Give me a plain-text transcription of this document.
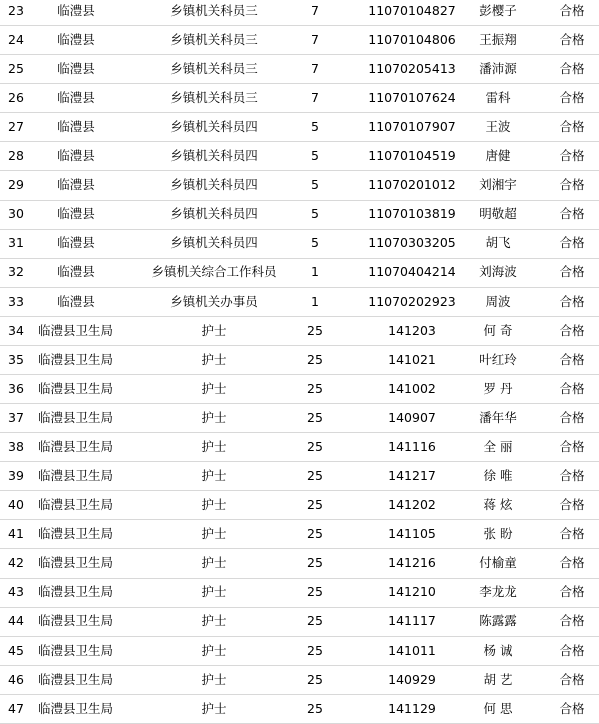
23	临澧县	乡镇机关科员三	7	11070104827	彭樱子	合格
24	临澧县	乡镇机关科员三	7	11070104806	王振翔	合格
25	临澧县	乡镇机关科员三	7	11070205413	潘沛源	合格
26	临澧县	乡镇机关科员三	7	11070107624	雷科	合格
27	临澧县	乡镇机关科员四	5	11070107907	王波	合格
28	临澧县	乡镇机关科员四	5	11070104519	唐健	合格
29	临澧县	乡镇机关科员四	5	11070201012	刘湘宇	合格
30	临澧县	乡镇机关科员四	5	11070103819	明敬超	合格
31	临澧县	乡镇机关科员四	5	11070303205	胡飞	合格
32	临澧县	乡镇机关综合工作科员	1	11070404214	刘海波	合格
33	临澧县	乡镇机关办事员	1	11070202923	周波	合格
34	临澧县卫生局	护士	25	141203	何 奇	合格
35	临澧县卫生局	护士	25	141021	叶红玲	合格
36	临澧县卫生局	护士	25	141002	罗 丹	合格
37	临澧县卫生局	护士	25	140907	潘年华	合格
38	临澧县卫生局	护士	25	141116	全 丽	合格
39	临澧县卫生局	护士	25	141217	徐 唯	合格
40	临澧县卫生局	护士	25	141202	蒋 炫	合格
41	临澧县卫生局	护士	25	141105	张 盼	合格
42	临澧县卫生局	护士	25	141216	付榆童	合格
43	临澧县卫生局	护士	25	141210	李龙龙	合格
44	临澧县卫生局	护士	25	141117	陈露露	合格
45	临澧县卫生局	护士	25	141011	杨 诚	合格
46	临澧县卫生局	护士	25	140929	胡 艺	合格
47	临澧县卫生局	护士	25	141129	何 思	合格
